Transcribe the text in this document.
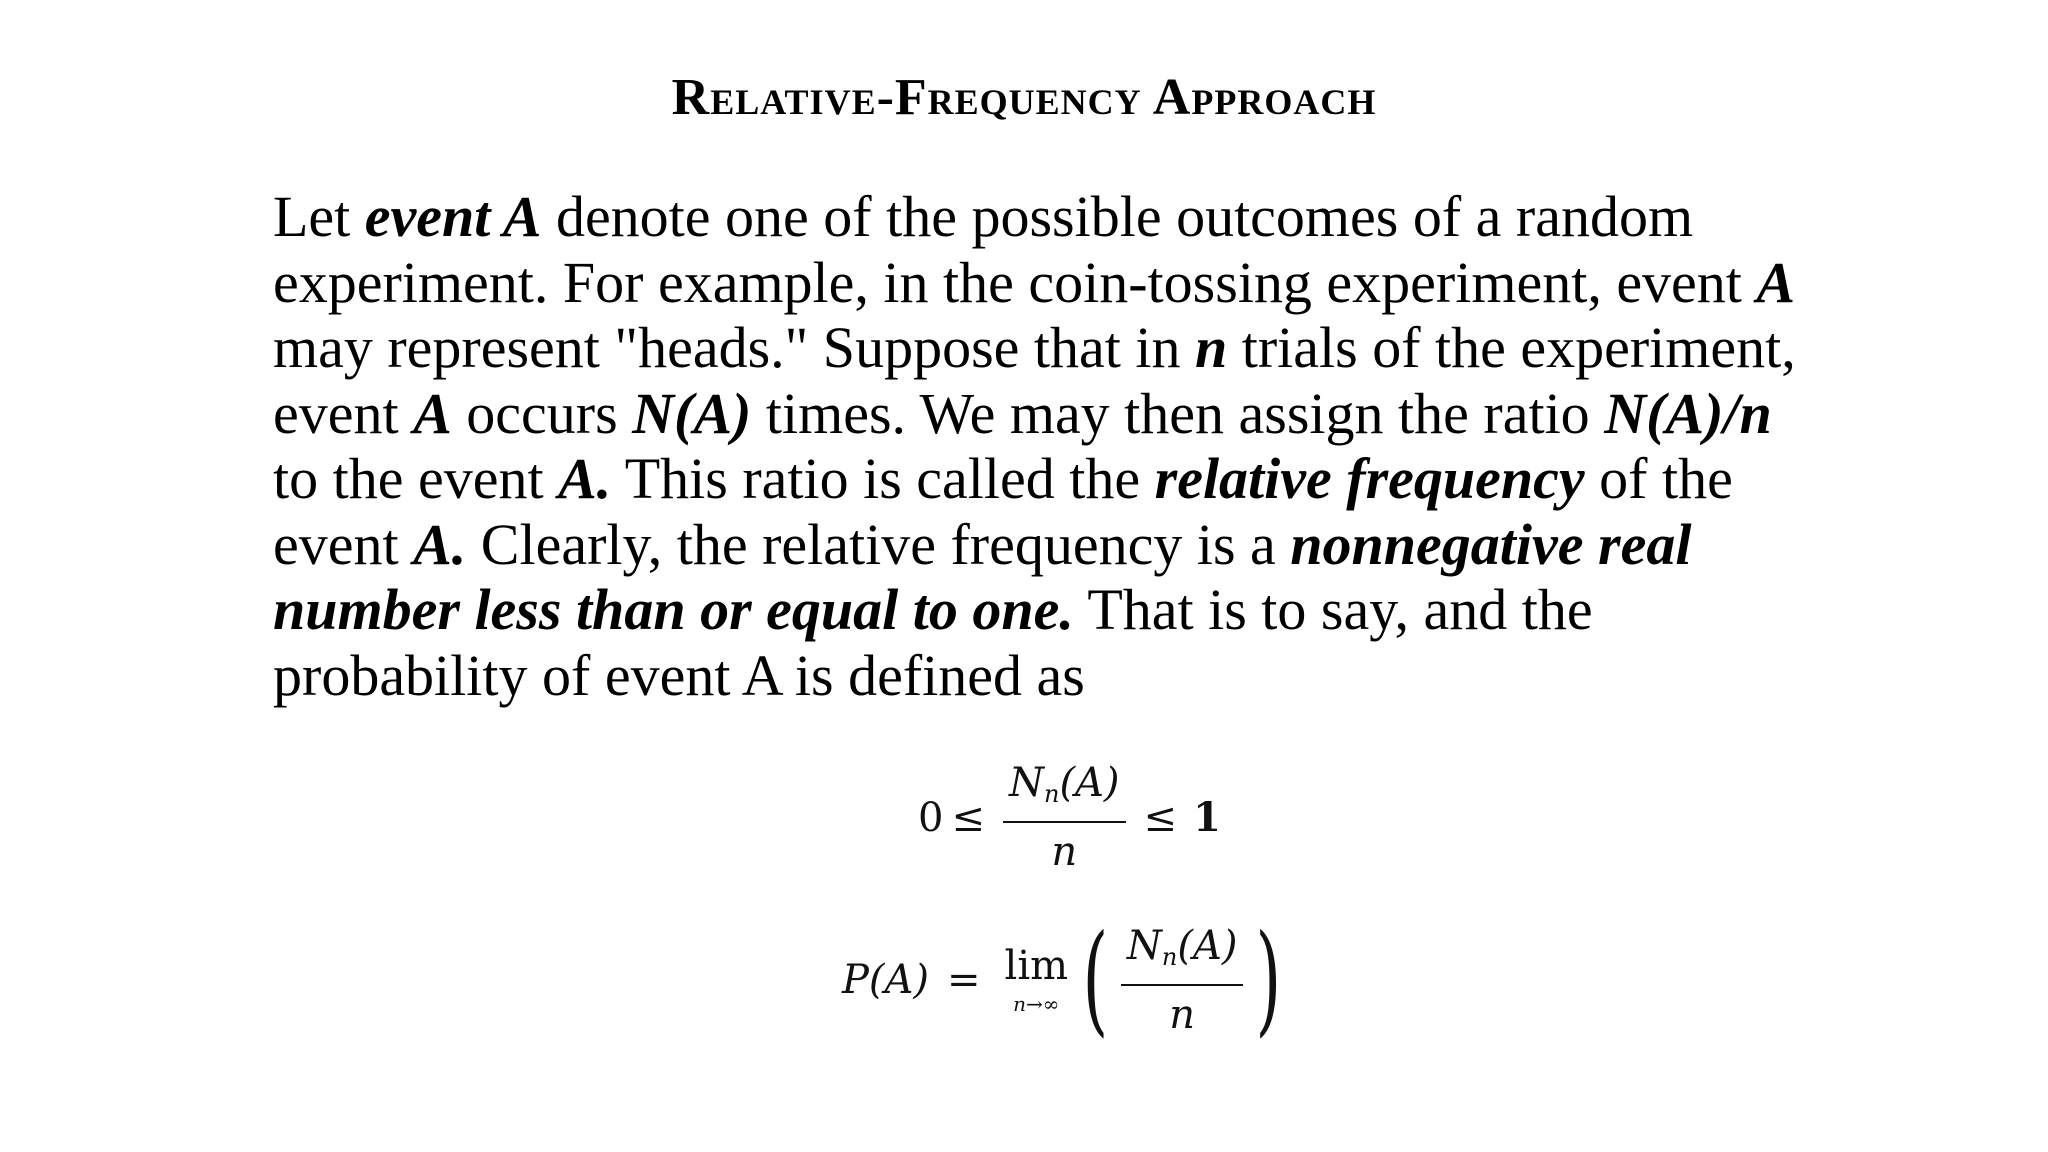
Relative-Frequency Approach

Let event A denote one of the possible outcomes of a random experiment. For example, in the coin-tossing experiment, event A may represent "heads." Suppose that in n trials of the experiment, event A occurs N(A) times. We may then assign the ratio N(A)/n to the event A. This ratio is called the relative frequency of the event A. Clearly, the relative frequency is a nonnegative real number less than or equal to one. That is to say, and the probability of event A is defined as

$0 \le \frac{N_n(A)}{n} \le 1$
P(A) = lim
n→∞ ( $\frac{N_n(A)}{n}$ )
